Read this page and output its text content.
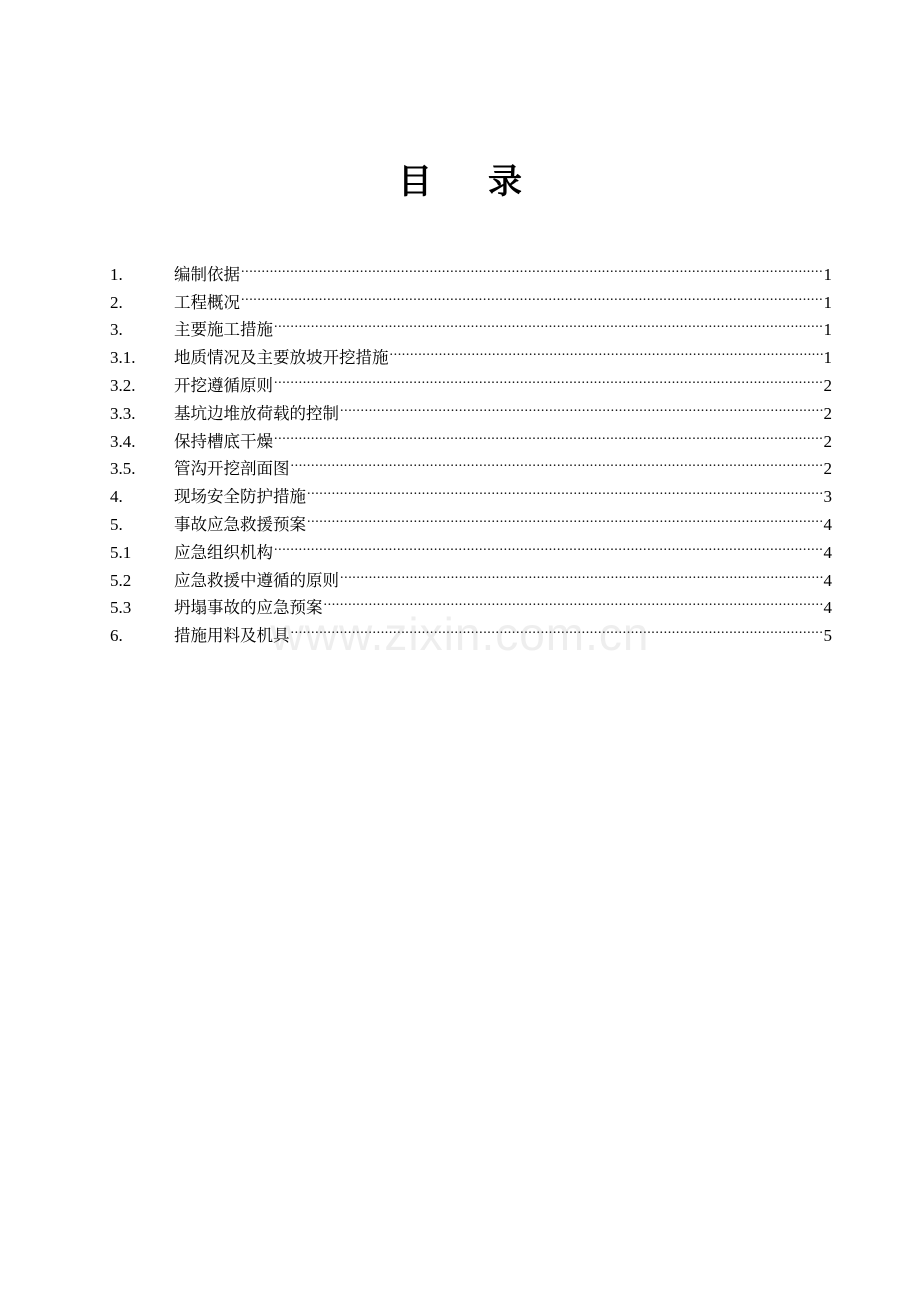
目录
1.	编制依据 .....	1
2.	工程概况 .....	1
3.	主要施工措施 .....	1
3.1.	地质情况及主要放坡开挖措施 .....	1
3.2.	开挖遵循原则 .....	2
3.3.	基坑边堆放荷载的控制 .....	2
3.4.	保持槽底干燥 .....	2
3.5.	管沟开挖剖面图 .....	2
4.	现场安全防护措施 .....	3
5.	事故应急救援预案 .....	4
5.1	应急组织机构 .....	4
5.2	应急救援中遵循的原则 .....	4
5.3	坍塌事故的应急预案 .....	4
6.	措施用料及机具 .....	5
www.zixin.com.cn
